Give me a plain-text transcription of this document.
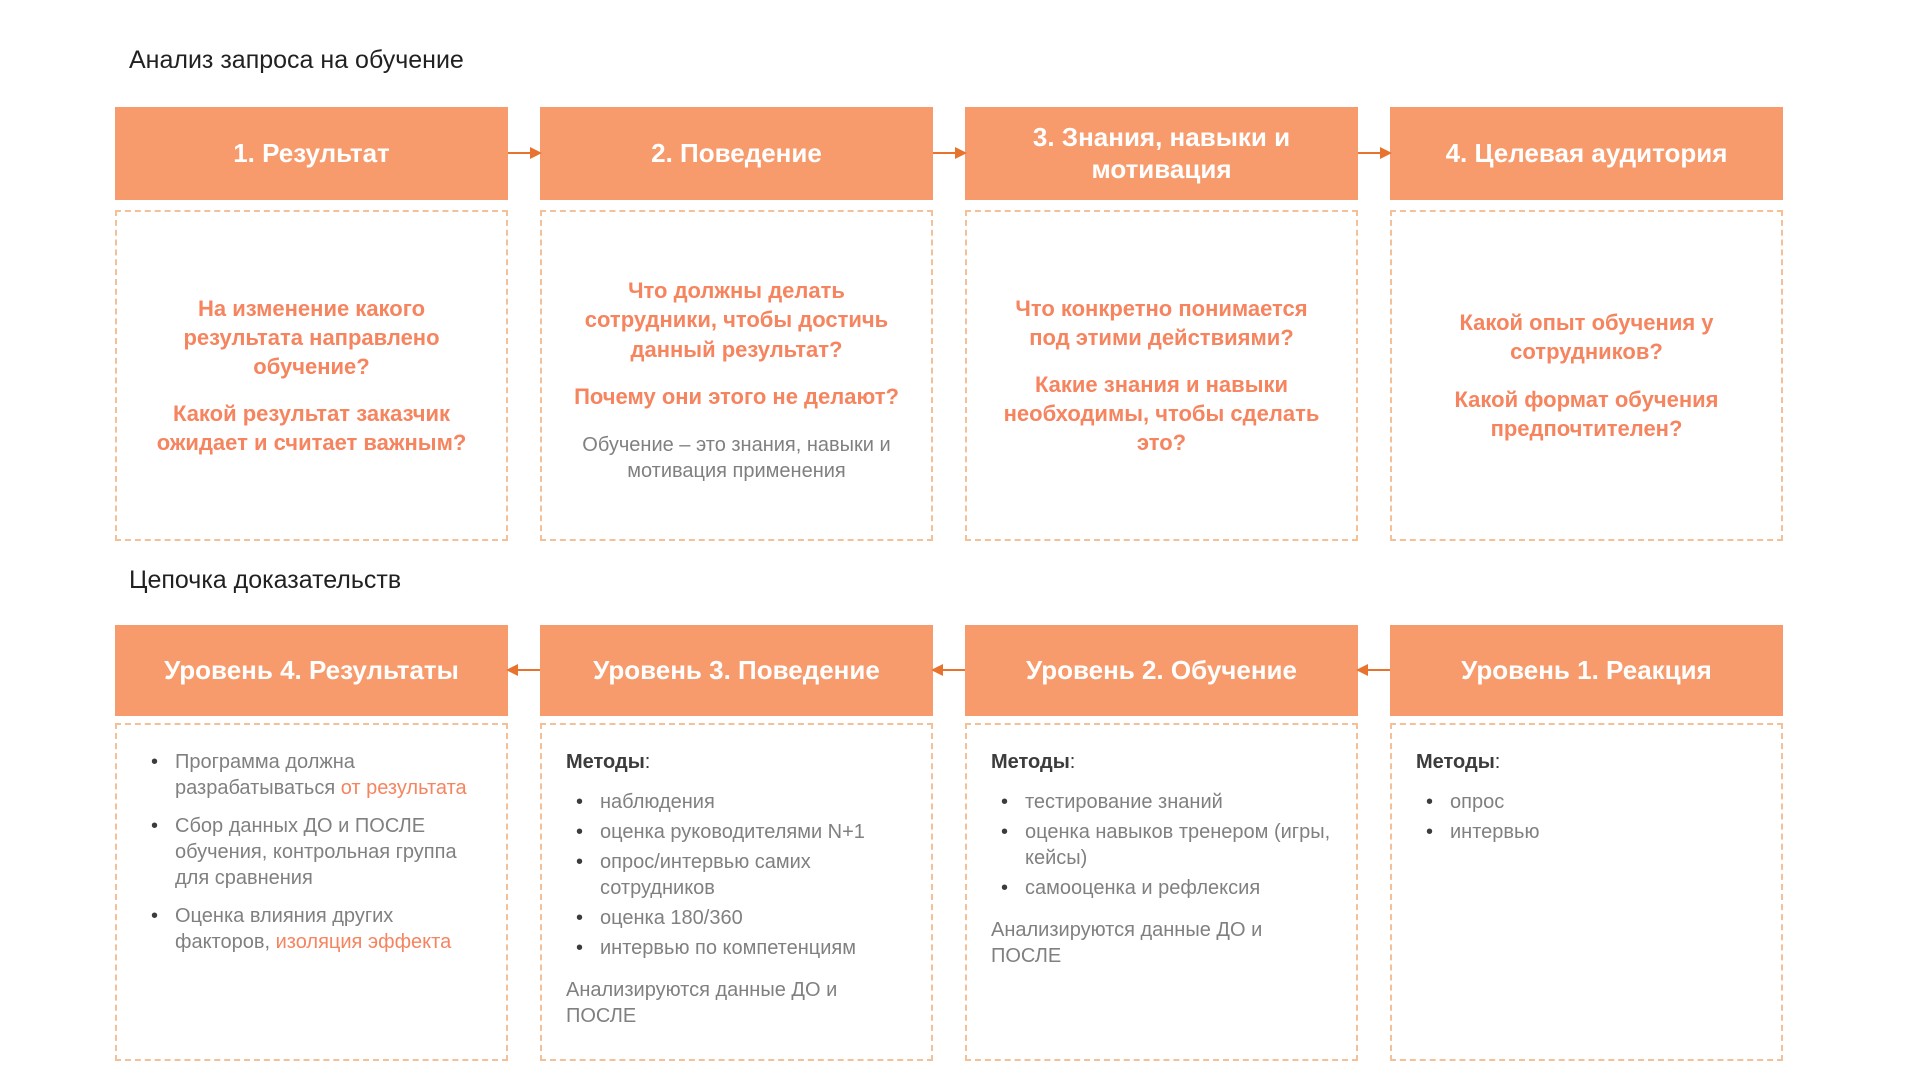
Анализ запроса на обучение
1. Результат	2. Поведение
3. Знания, навыки и мотивация
4. Целевая аудитория

На изменение какого результата направлено обучение?

Какой результат заказчик ожидает и считает важным?

Что должны делать сотрудники, чтобы достичь данный результат?

Почему они этого не делают?

Обучение – это знания, навыки и мотивация применения

Что конкретно понимается под этими действиями?

Какие знания и навыки необходимы, чтобы сделать это?

Какой опыт обучения у сотрудников?

Какой формат обучения предпочтителен?

Цепочка доказательств
Уровень 4. Результаты	Уровень 3. Поведение	Уровень 2. Обучение	Уровень 1. Реакция
• Программа должна разрабатываться от результата
• Сбор данных ДО и ПОСЛЕ обучения, контрольная группа для сравнения
• Оценка влияния других факторов, изоляция эффекта

Методы:

• наблюдения
• оценка руководителями N+1
• опрос/интервью самих сотрудников
• оценка 180/360
• интервью по компетенциям

Анализируются данные ДО и ПОСЛЕ

Методы:

• тестирование знаний
• оценка навыков тренером (игры, кейсы)
• самооценка и рефлексия

Анализируются данные ДО и ПОСЛЕ

Методы:

• опрос
• интервью
